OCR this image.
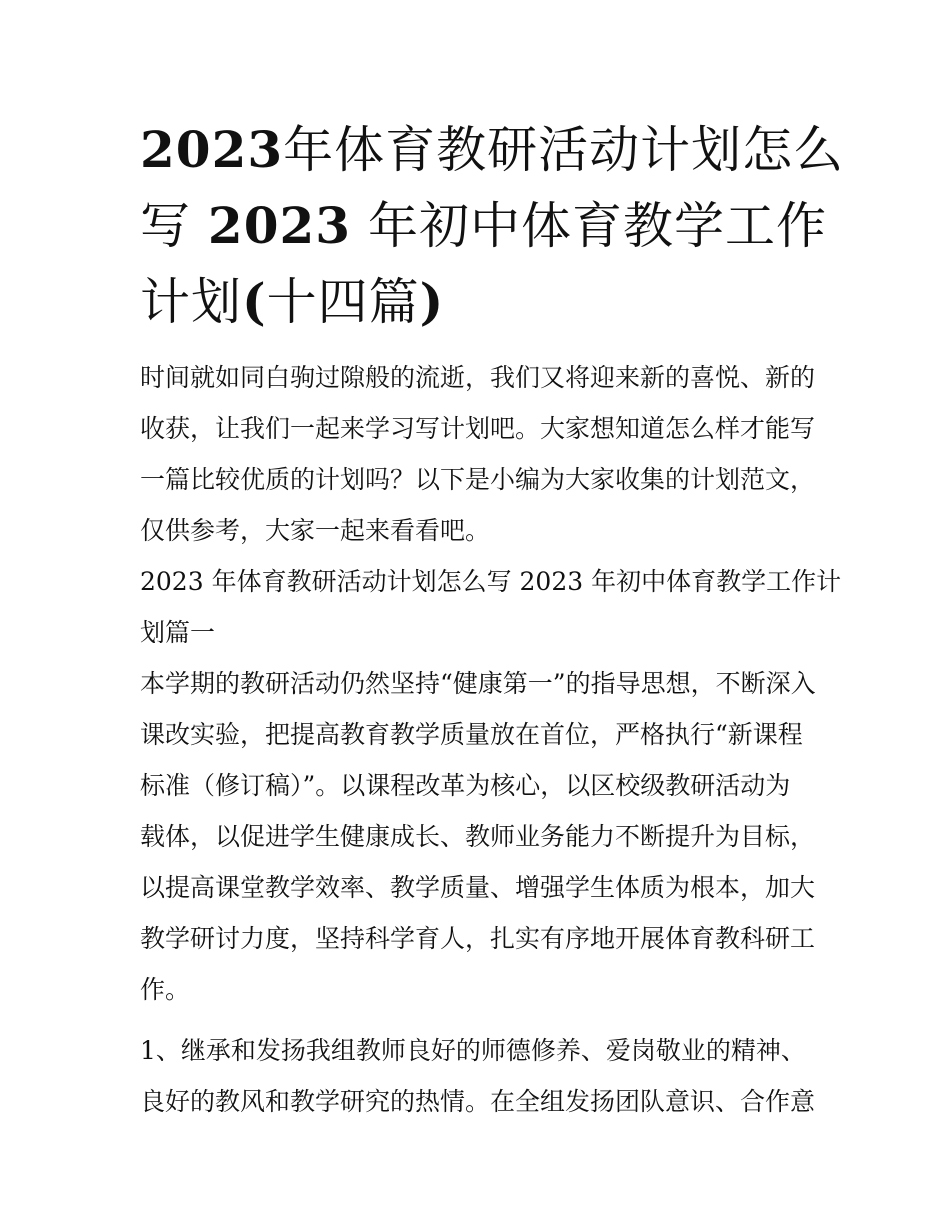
2023年体育教研活动计划怎么
写 2023 年初中体育教学工作
计划(十四篇)

时间就如同白驹过隙般的流逝，我们又将迎来新的喜悦、新的
收获，让我们一起来学习写计划吧。大家想知道怎么样才能写
一篇比较优质的计划吗？以下是小编为大家收集的计划范文，
仅供参考，大家一起来看看吧。

2023 年体育教研活动计划怎么写 2023 年初中体育教学工作计
划篇一

本学期的教研活动仍然坚持“健康第一”的指导思想，不断深入
课改实验，把提高教育教学质量放在首位，严格执行“新课程
标准（修订稿）”。以课程改革为核心，以区校级教研活动为
载体，以促进学生健康成长、教师业务能力不断提升为目标，
以提高课堂教学效率、教学质量、增强学生体质为根本，加大
教学研讨力度，坚持科学育人，扎实有序地开展体育教科研工
作。

1、继承和发扬我组教师良好的师德修养、爱岗敬业的精神、
良好的教风和教学研究的热情。在全组发扬团队意识、合作意
